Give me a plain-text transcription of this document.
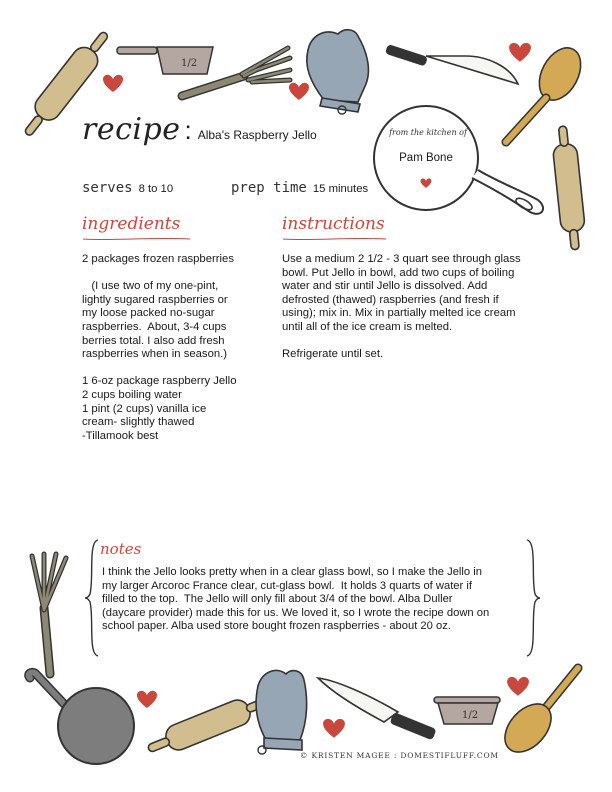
1/2
from the kitchen of
Pam Bone
recipe : Alba's Raspberry Jello
serves 8 to 10	prep time 15 minutes
ingredients
2 packages frozen raspberries

(I use two of my one-pint,
lightly sugared raspberries or
my loose packed no-sugar
raspberries.  About, 3-4 cups
berries total. I also add fresh
raspberries when in season.)

1 6-oz package raspberry Jello
2 cups boiling water
1 pint (2 cups) vanilla ice
cream- slightly thawed
-Tillamook best
instructions
Use a medium 2 1/2 - 3 quart see through glass
bowl. Put Jello in bowl, add two cups of boiling
water and stir until Jello is dissolved. Add
defrosted (thawed) raspberries (and fresh if
using); mix in. Mix in partially melted ice cream
until all of the ice cream is melted.

Refrigerate until set.
notes
I think the Jello looks pretty when in a clear glass bowl, so I make the Jello in
my larger Arcoroc France clear, cut-glass bowl.  It holds 3 quarts of water if
filled to the top.  The Jello will only fill about 3/4 of the bowl. Alba Duller
(daycare provider) made this for us. We loved it, so I wrote the recipe down on
school paper. Alba used store bought frozen raspberries - about 20 oz.
1/2
© KRISTEN MAGEE : DOMESTIFLUFF.COM
